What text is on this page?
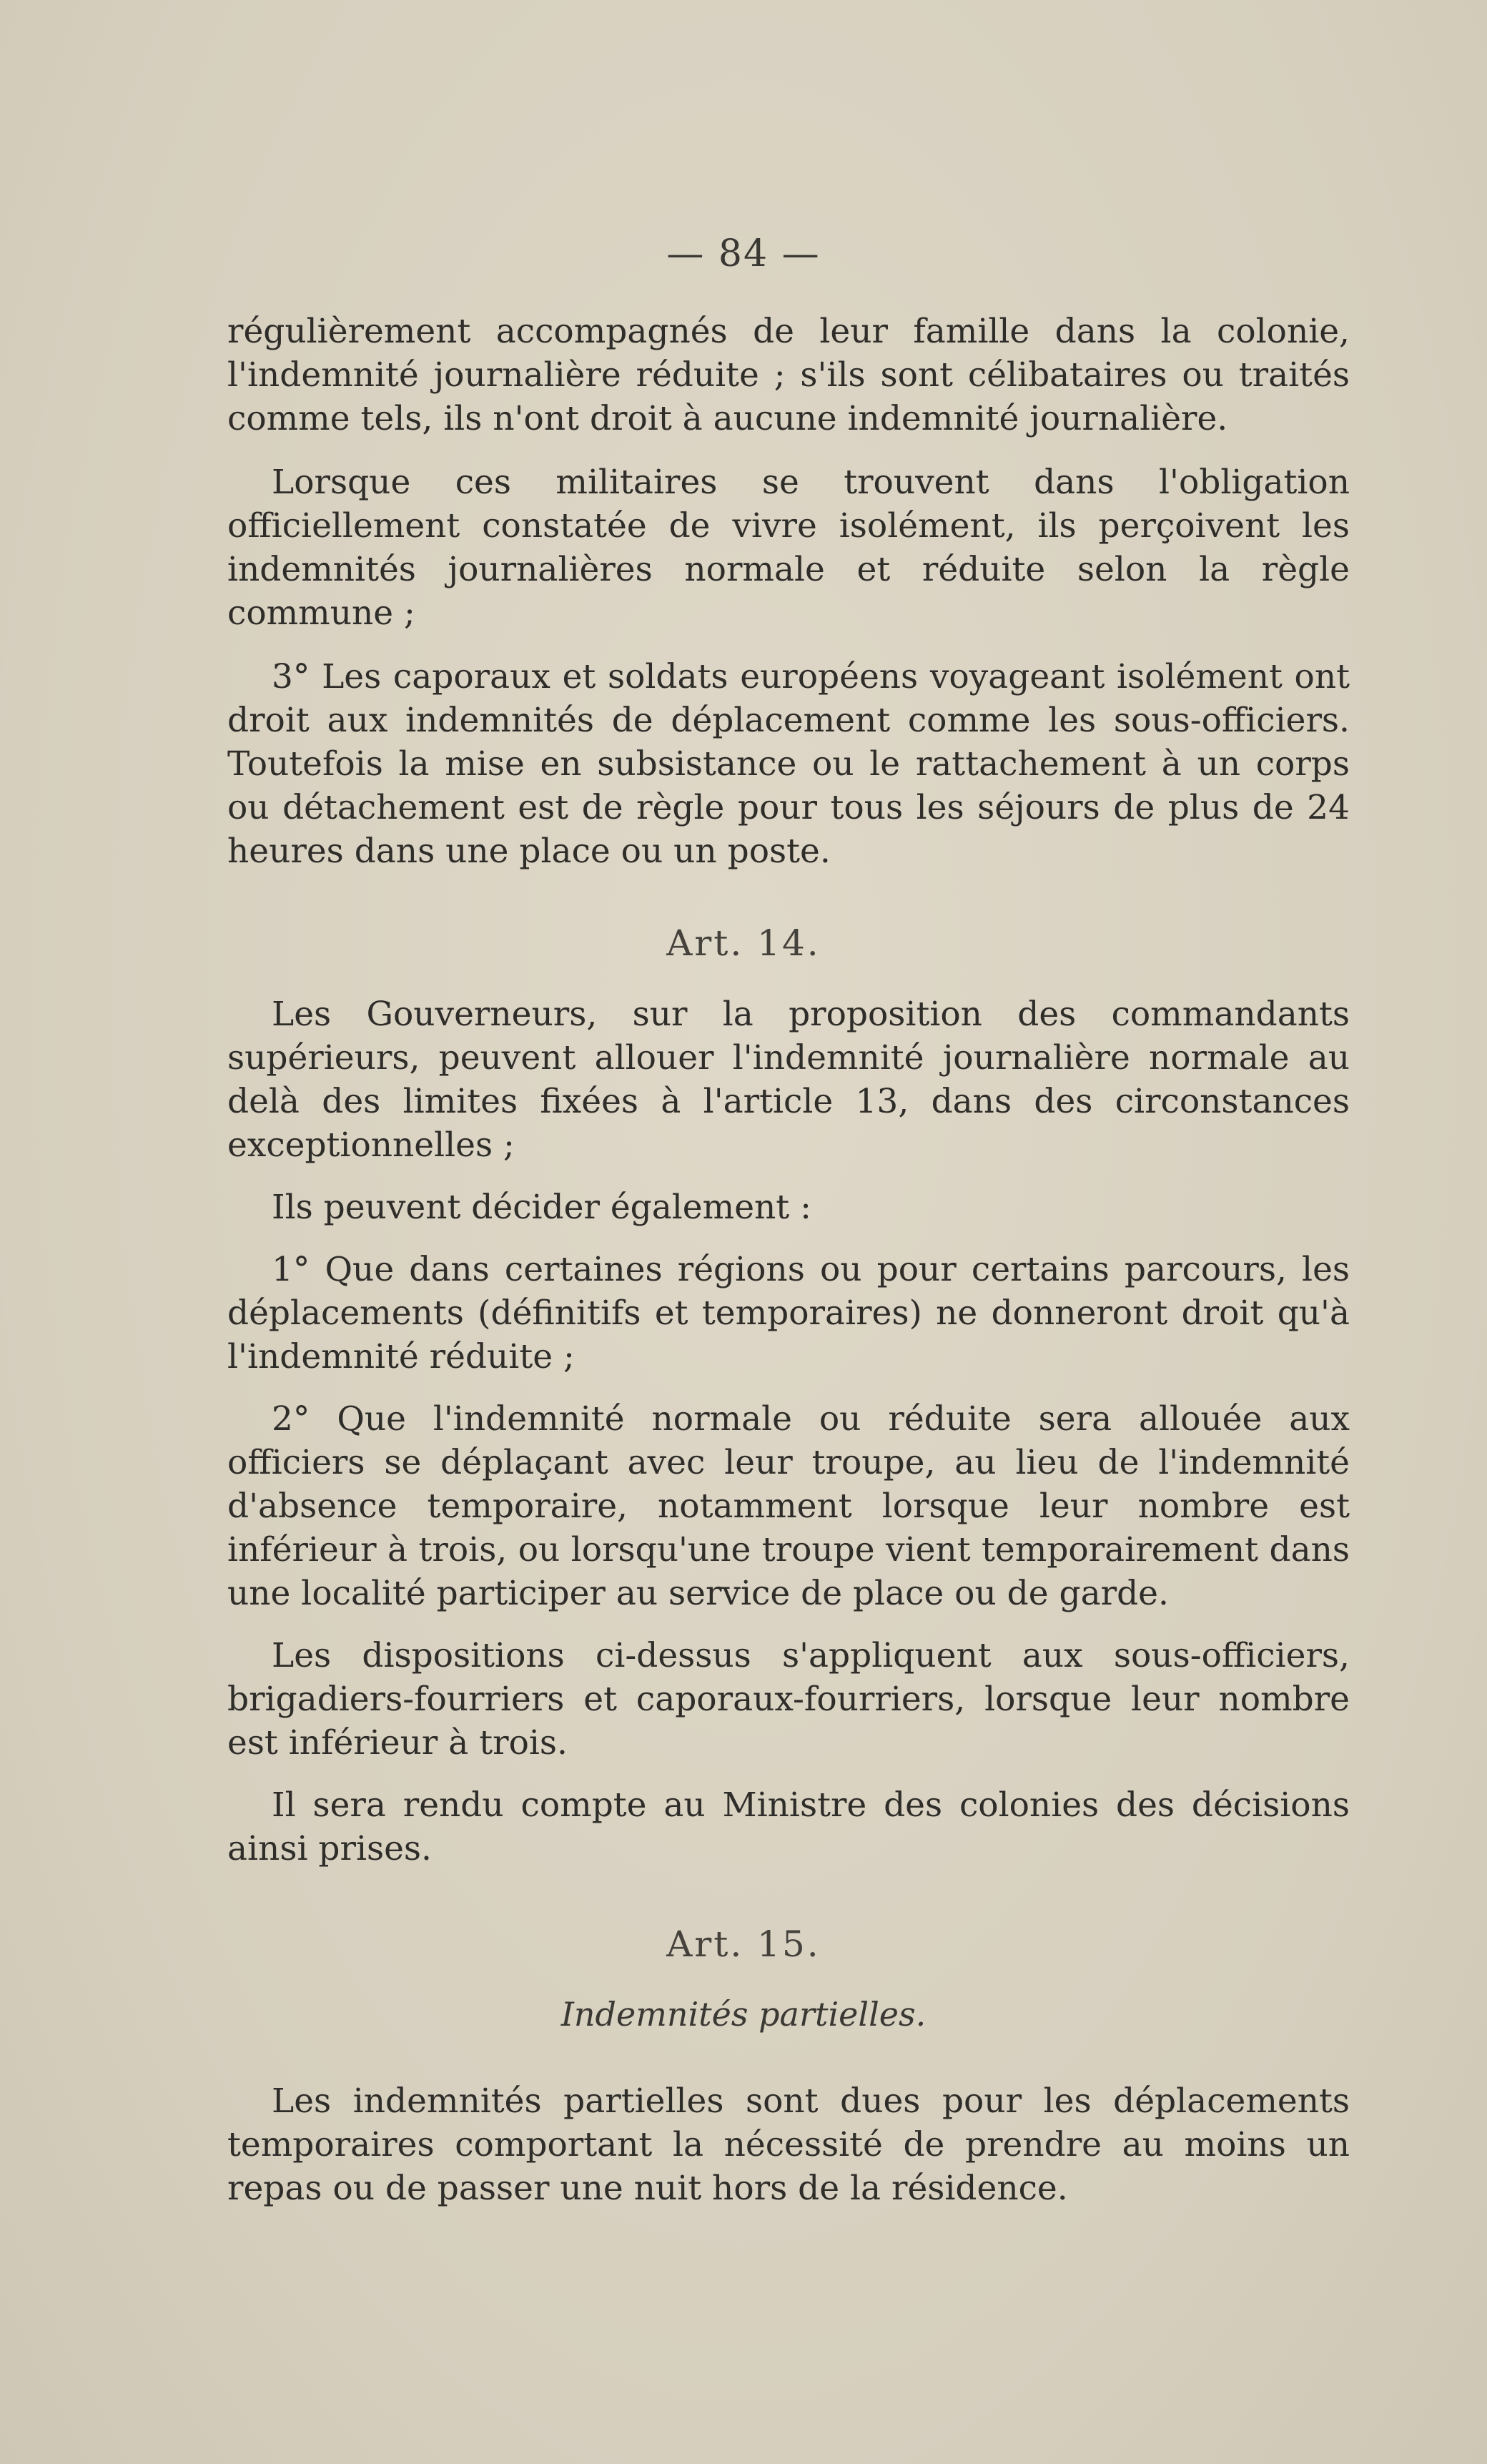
— 84 —

régulièrement accompagnés de leur famille dans la colonie, l'indemnité journalière réduite ; s'ils sont célibataires ou traités comme tels, ils n'ont droit à aucune indemnité journalière.

Lorsque ces militaires se trouvent dans l'obligation officiellement constatée de vivre isolément, ils perçoivent les indemnités journalières normale et réduite selon la règle commune ;

3° Les caporaux et soldats européens voyageant isolément ont droit aux indemnités de déplacement comme les sous-officiers. Toutefois la mise en subsistance ou le rattachement à un corps ou détachement est de règle pour tous les séjours de plus de 24 heures dans une place ou un poste.

Art. 14.

Les Gouverneurs, sur la proposition des commandants supérieurs, peuvent allouer l'indemnité journalière normale au delà des limites fixées à l'article 13, dans des circonstances exceptionnelles ;

Ils peuvent décider également :

1° Que dans certaines régions ou pour certains parcours, les déplacements (définitifs et temporaires) ne donneront droit qu'à l'indemnité réduite ;

2° Que l'indemnité normale ou réduite sera allouée aux officiers se déplaçant avec leur troupe, au lieu de l'indemnité d'absence temporaire, notamment lorsque leur nombre est inférieur à trois, ou lorsqu'une troupe vient temporairement dans une localité participer au service de place ou de garde.

Les dispositions ci-dessus s'appliquent aux sous-officiers, brigadiers-fourriers et caporaux-fourriers, lorsque leur nombre est inférieur à trois.

Il sera rendu compte au Ministre des colonies des décisions ainsi prises.

Art. 15.
Indemnités partielles.

Les indemnités partielles sont dues pour les déplacements temporaires comportant la nécessité de prendre au moins un repas ou de passer une nuit hors de la résidence.
